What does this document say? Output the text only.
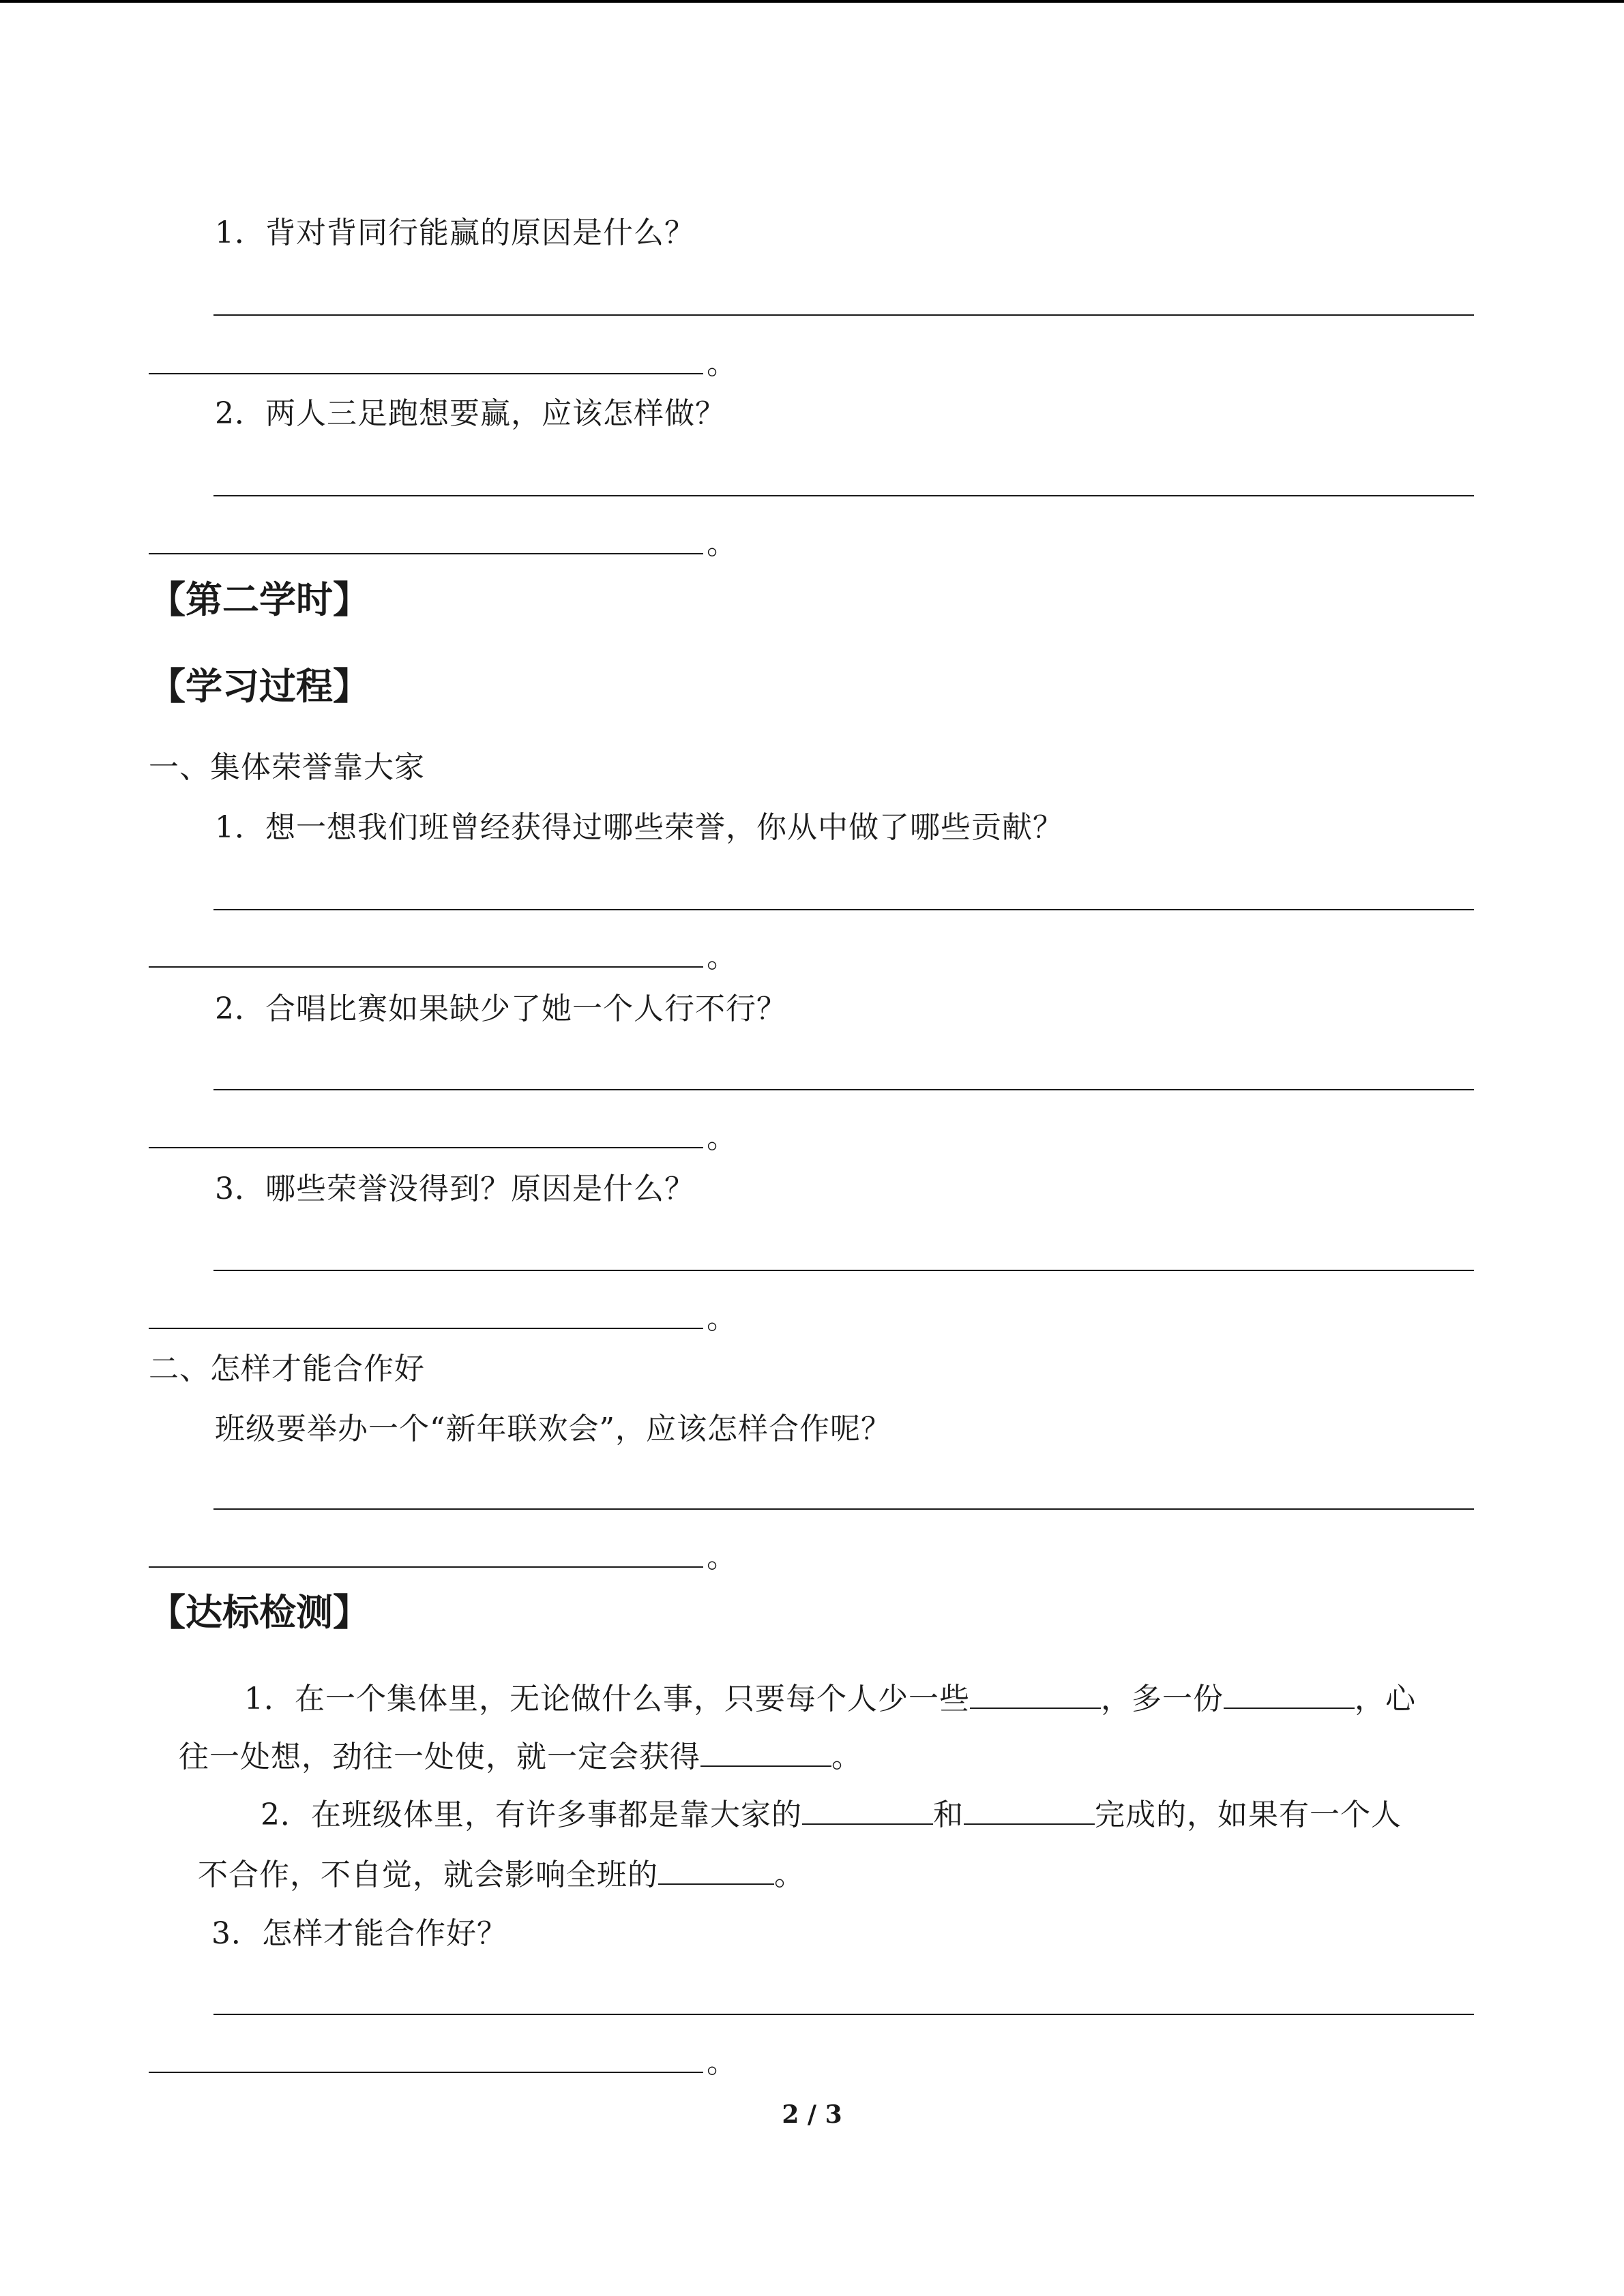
1．背对背同行能赢的原因是什么？
。
2．两人三足跑想要赢，应该怎样做？
。
【第二学时】
【学习过程】
一、集体荣誉靠大家
1．想一想我们班曾经获得过哪些荣誉，你从中做了哪些贡献？
。
2．合唱比赛如果缺少了她一个人行不行？
。
3．哪些荣誉没得到？原因是什么？
。
二、怎样才能合作好
班级要举办一个“新年联欢会”，应该怎样合作呢？
。
【达标检测】
1．在一个集体里，无论做什么事，只要每个人少一些	，多一份	，心
往一处想，劲往一处使，就一定会获得	。
2．在班级体里，有许多事都是靠大家的	和	完成的，如果有一个人
不合作，不自觉，就会影响全班的	。
3．怎样才能合作好？
。
2 / 3
